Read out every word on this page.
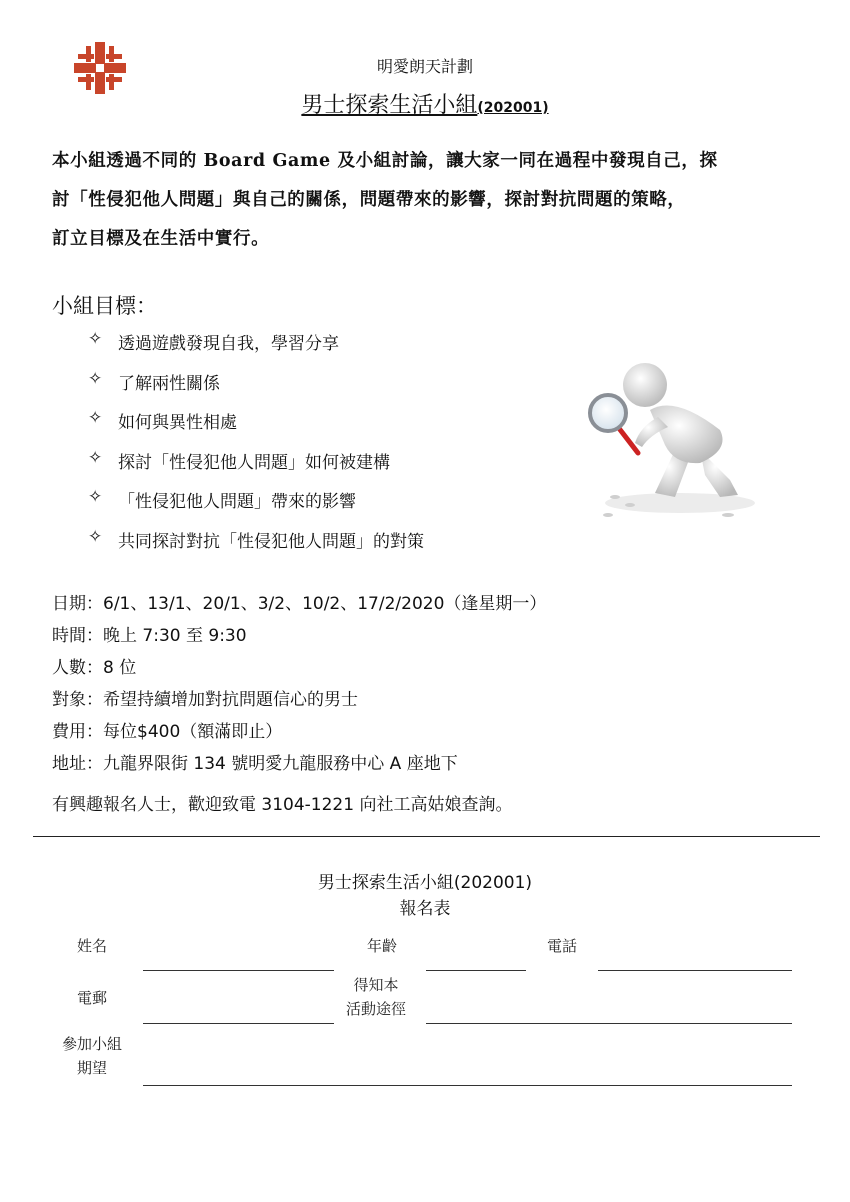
明愛朗天計劃
男士探索生活小組(202001)
本小組透過不同的 Board Game 及小組討論，讓大家一同在過程中發現自己，探
討「性侵犯他人問題」與自己的關係，問題帶來的影響，探討對抗問題的策略，
訂立目標及在生活中實行。
小組目標：
✧ 透過遊戲發現自我，學習分享
✧ 了解兩性關係
✧ 如何與異性相處
✧ 探討「性侵犯他人問題」如何被建構
✧ 「性侵犯他人問題」帶來的影響
✧ 共同探討對抗「性侵犯他人問題」的對策
日期：6/1、13/1、20/1、3/2、10/2、17/2/2020（逢星期一）
時間：晚上 7:30 至 9:30
人數：8 位
對象：希望持續增加對抗問題信心的男士
費用：每位$400（額滿即止）
地址：九龍界限街 134 號明愛九龍服務中心 A 座地下
有興趣報名人士，歡迎致電 3104-1221 向社工高姑娘查詢。
男士探索生活小組(202001)
報名表
姓名	年齡	電話
電郵
得知本
活動途徑
參加小組
期望
